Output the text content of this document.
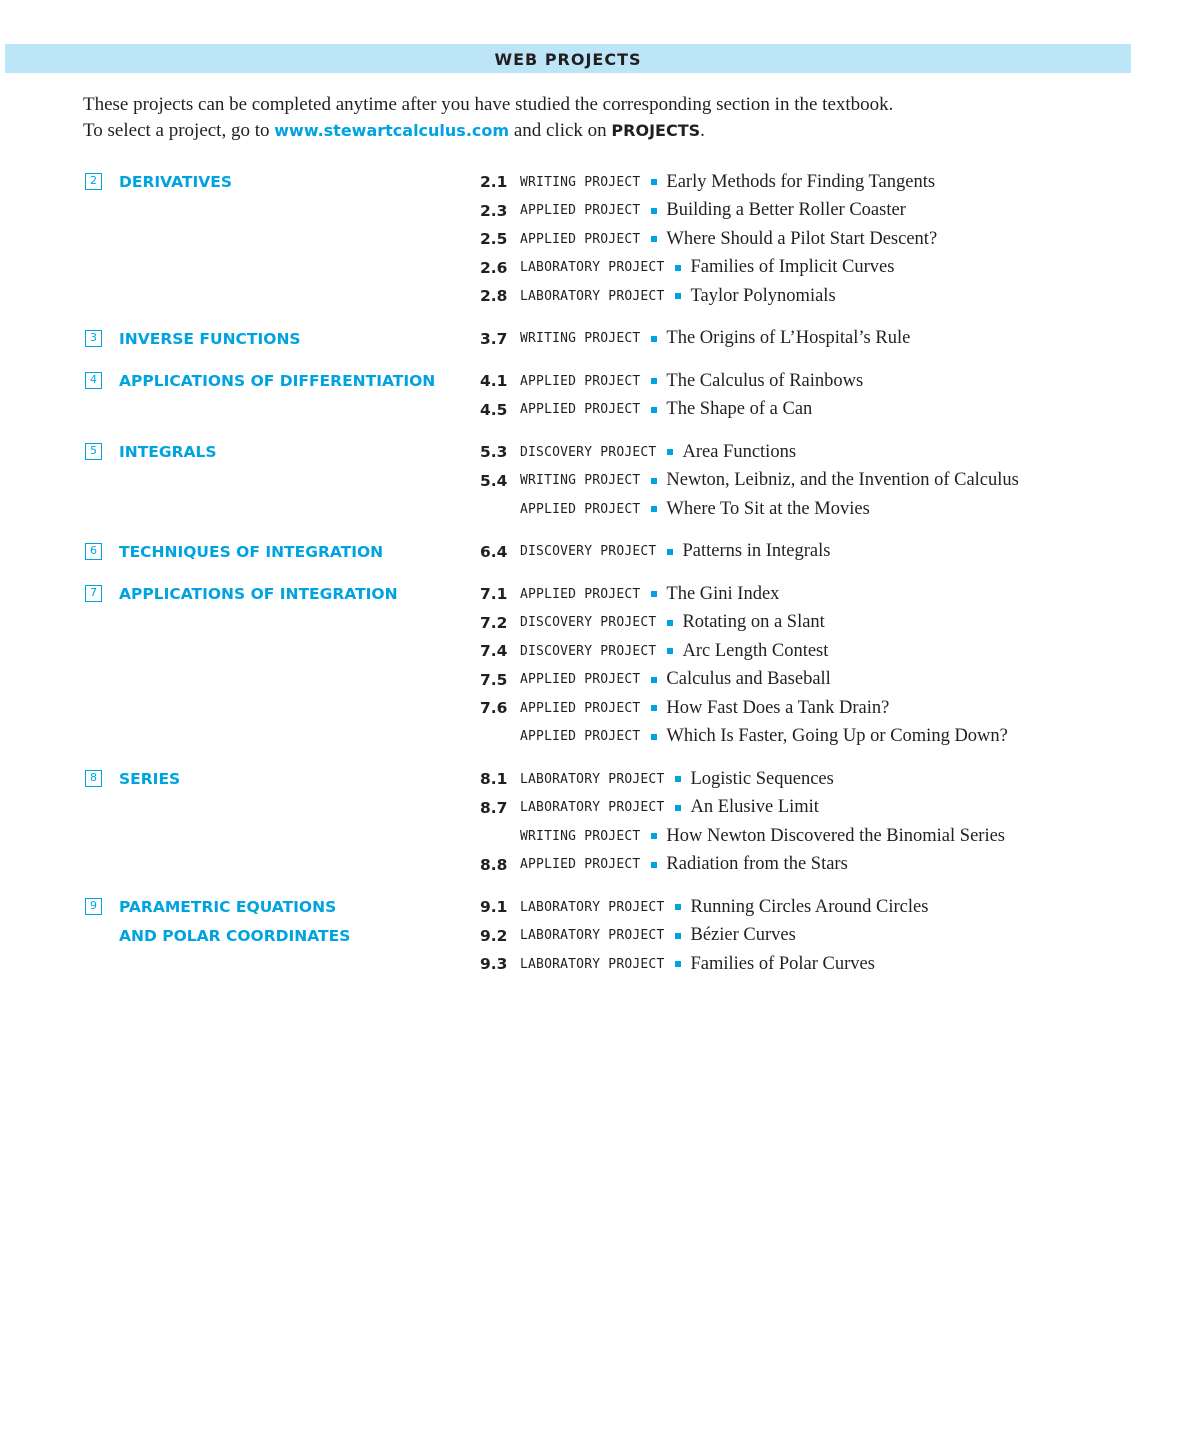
WEB PROJECTS
These projects can be completed anytime after you have studied the corresponding section in the textbook.
To select a project, go to www.stewartcalculus.com and click on PROJECTS.
2	DERIVATIVES	2.1 WRITING PROJECT Early Methods for Finding Tangents
2.3 APPLIED PROJECT Building a Better Roller Coaster
2.5 APPLIED PROJECT Where Should a Pilot Start Descent?
2.6 LABORATORY PROJECT Families of Implicit Curves
2.8 LABORATORY PROJECT Taylor Polynomials
3	INVERSE FUNCTIONS	3.7 WRITING PROJECT The Origins of L’Hospital’s Rule
4	APPLICATIONS OF DIFFERENTIATION	4.1 APPLIED PROJECT The Calculus of Rainbows
4.5 APPLIED PROJECT The Shape of a Can
5	INTEGRALS	5.3 DISCOVERY PROJECT Area Functions
5.4 WRITING PROJECT Newton, Leibniz, and the Invention of Calculus
APPLIED PROJECT Where To Sit at the Movies
6	TECHNIQUES OF INTEGRATION	6.4 DISCOVERY PROJECT Patterns in Integrals
7	APPLICATIONS OF INTEGRATION	7.1 APPLIED PROJECT The Gini Index
7.2 DISCOVERY PROJECT Rotating on a Slant
7.4 DISCOVERY PROJECT Arc Length Contest
7.5 APPLIED PROJECT Calculus and Baseball
7.6 APPLIED PROJECT How Fast Does a Tank Drain?
APPLIED PROJECT Which Is Faster, Going Up or Coming Down?
8	SERIES	8.1 LABORATORY PROJECT Logistic Sequences
8.7 LABORATORY PROJECT An Elusive Limit
WRITING PROJECT How Newton Discovered the Binomial Series
8.8 APPLIED PROJECT Radiation from the Stars
9	PARAMETRIC EQUATIONS
AND POLAR COORDINATES
9.1 LABORATORY PROJECT Running Circles Around Circles
9.2 LABORATORY PROJECT Bézier Curves
9.3 LABORATORY PROJECT Families of Polar Curves
